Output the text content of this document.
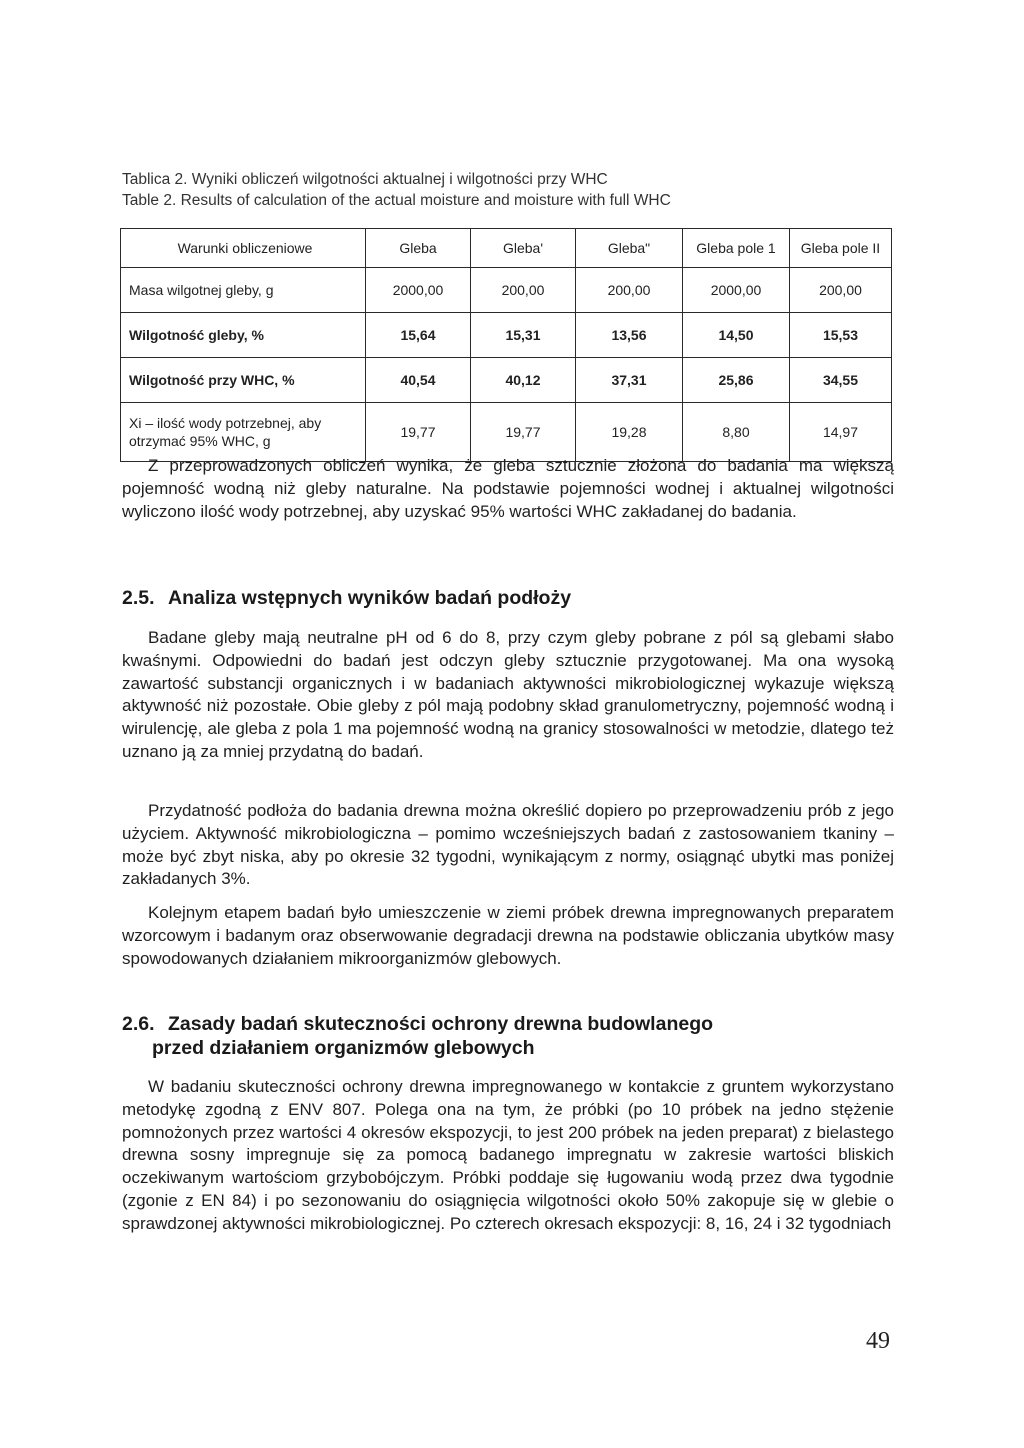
Tablica 2. Wyniki obliczeń wilgotności aktualnej i wilgotności przy WHC
Table 2. Results of calculation of the actual moisture and moisture with full WHC
Warunki obliczeniowe	Gleba	Gleba'	Gleba"	Gleba pole 1	Gleba pole II
Masa wilgotnej gleby, g	2000,00	200,00	200,00	2000,00	200,00
Wilgotność gleby, %	15,64	15,31	13,56	14,50	15,53
Wilgotność przy WHC, %	40,54	40,12	37,31	25,86	34,55
Xi – ilość wody potrzebnej, aby otrzymać 95% WHC, g	19,77	19,77	19,28	8,80	14,97

Z przeprowadzonych obliczeń wynika, że gleba sztucznie złożona do badania ma większą pojemność wodną niż gleby naturalne. Na podstawie pojemności wodnej i aktualnej wilgotności wyliczono ilość wody potrzebnej, aby uzyskać 95% wartości WHC zakładanej do badania.

2.5. Analiza wstępnych wyników badań podłoży

Badane gleby mają neutralne pH od 6 do 8, przy czym gleby pobrane z pól są glebami słabo kwaśnymi. Odpowiedni do badań jest odczyn gleby sztucznie przygotowanej. Ma ona wysoką zawartość substancji organicznych i w badaniach aktywności mikrobiologicznej wykazuje większą aktywność niż pozostałe. Obie gleby z pól mają podobny skład granulometryczny, pojemność wodną i wirulencję, ale gleba z pola 1 ma pojemność wodną na granicy stosowalności w metodzie, dlatego też uznano ją za mniej przydatną do badań.

Przydatność podłoża do badania drewna można określić dopiero po przeprowadzeniu prób z jego użyciem. Aktywność mikrobiologiczna – pomimo wcześniejszych badań z zastosowaniem tkaniny – może być zbyt niska, aby po okresie 32 tygodni, wynikającym z normy, osiągnąć ubytki mas poniżej zakładanych 3%.

Kolejnym etapem badań było umieszczenie w ziemi próbek drewna impregnowanych preparatem wzorcowym i badanym oraz obserwowanie degradacji drewna na podstawie obliczania ubytków masy spowodowanych działaniem mikroorganizmów glebowych.

2.6. Zasady badań skuteczności ochrony drewna budowlanego
przed działaniem organizmów glebowych

W badaniu skuteczności ochrony drewna impregnowanego w kontakcie z gruntem wykorzystano metodykę zgodną z ENV 807. Polega ona na tym, że próbki (po 10 próbek na jedno stężenie pomnożonych przez wartości 4 okresów ekspozycji, to jest 200 próbek na jeden preparat) z bielastego drewna sosny impregnuje się za pomocą badanego impregnatu w zakresie wartości bliskich oczekiwanym wartościom grzybobójczym. Próbki poddaje się ługowaniu wodą przez dwa tygodnie (zgonie z EN 84) i po sezonowaniu do osiągnięcia wilgotności około 50% zakopuje się w glebie o sprawdzonej aktywności mikrobiologicznej. Po czterech okresach ekspozycji: 8, 16, 24 i 32 tygodniach

49
